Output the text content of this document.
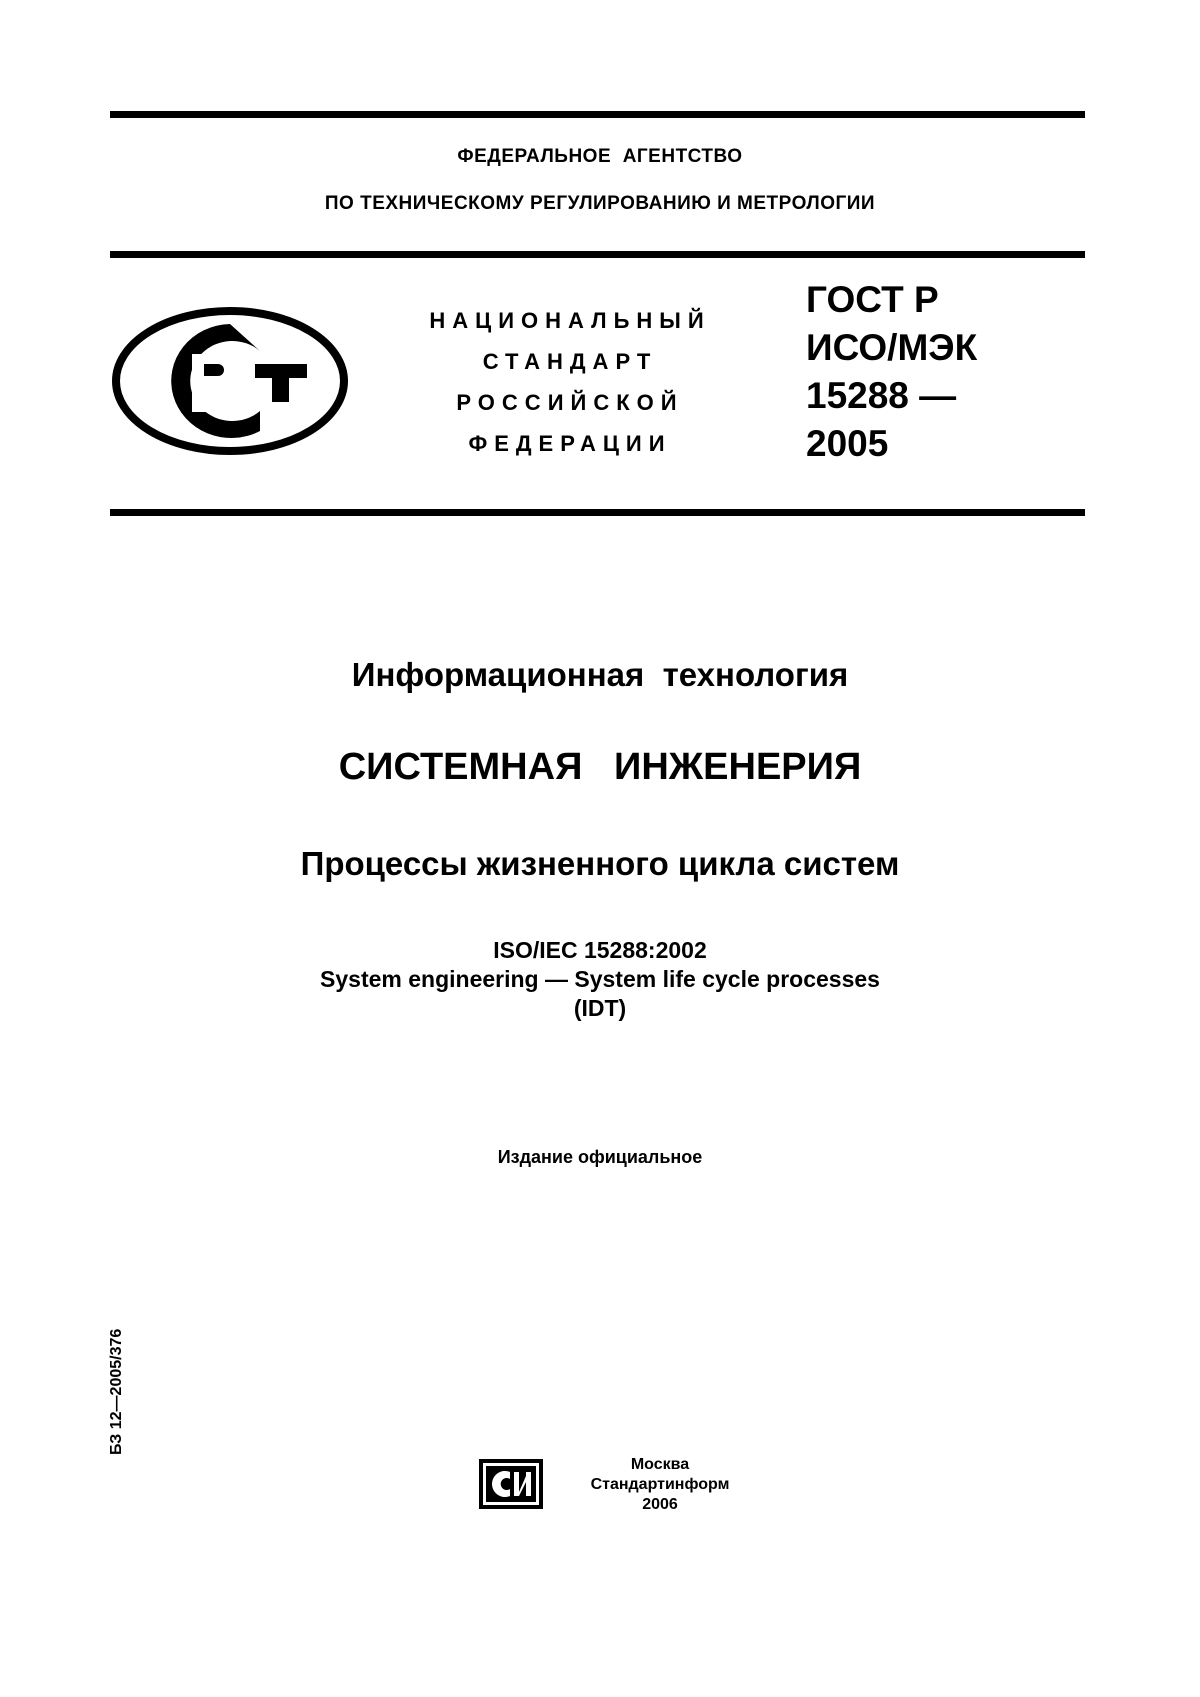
ФЕДЕРАЛЬНОЕ  АГЕНТСТВО
ПО ТЕХНИЧЕСКОМУ РЕГУЛИРОВАНИЮ И МЕТРОЛОГИИ
НАЦИОНАЛЬНЫЙ
СТАНДАРТ
РОССИЙСКОЙ
ФЕДЕРАЦИИ
ГОСТ Р
ИСО/МЭК
15288 —
2005
Информационная  технология
СИСТЕМНАЯ   ИНЖЕНЕРИЯ
Процессы жизненного цикла систем
ISO/IEC 15288:2002
System engineering — System life cycle processes
(IDT)
Издание официальное
БЗ 12—2005/376
Москва
Стандартинформ
2006
